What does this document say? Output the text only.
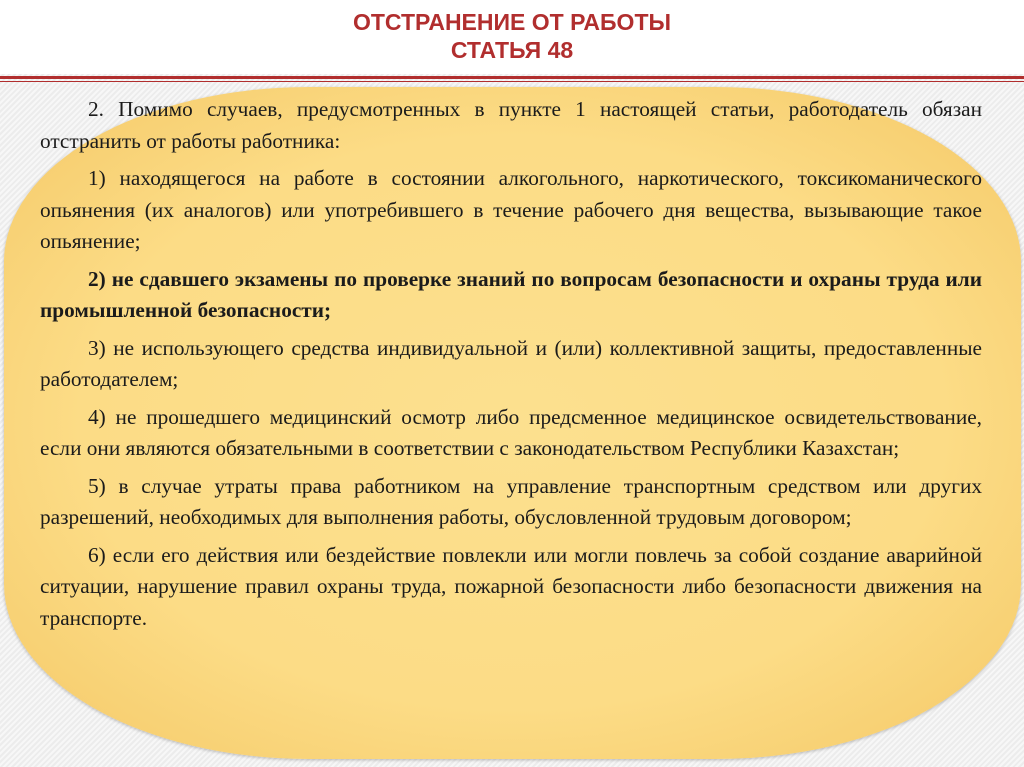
ОТСТРАНЕНИЕ ОТ РАБОТЫ
СТАТЬЯ 48

2. Помимо случаев, предусмотренных в пункте 1 настоящей статьи, работодатель обязан отстранить от работы работника:

1) находящегося на работе в состоянии алкогольного, наркотического, токсикоманического опьянения (их аналогов) или употребившего в течение рабочего дня вещества, вызывающие такое опьянение;

2) не сдавшего экзамены по проверке знаний по вопросам безопасности и охраны труда или промышленной безопасности;

3) не использующего средства индивидуальной и (или) коллективной защиты, предоставленные работодателем;

4) не прошедшего медицинский осмотр либо предсменное медицинское освидетельствование, если они являются обязательными в соответствии с законодательством Республики Казахстан;

5) в случае утраты права работником на управление транспортным средством или других разрешений, необходимых для выполнения работы, обусловленной трудовым договором;

6) если его действия или бездействие повлекли или могли повлечь за собой создание аварийной ситуации, нарушение правил охраны труда, пожарной безопасности либо безопасности движения на транспорте.
